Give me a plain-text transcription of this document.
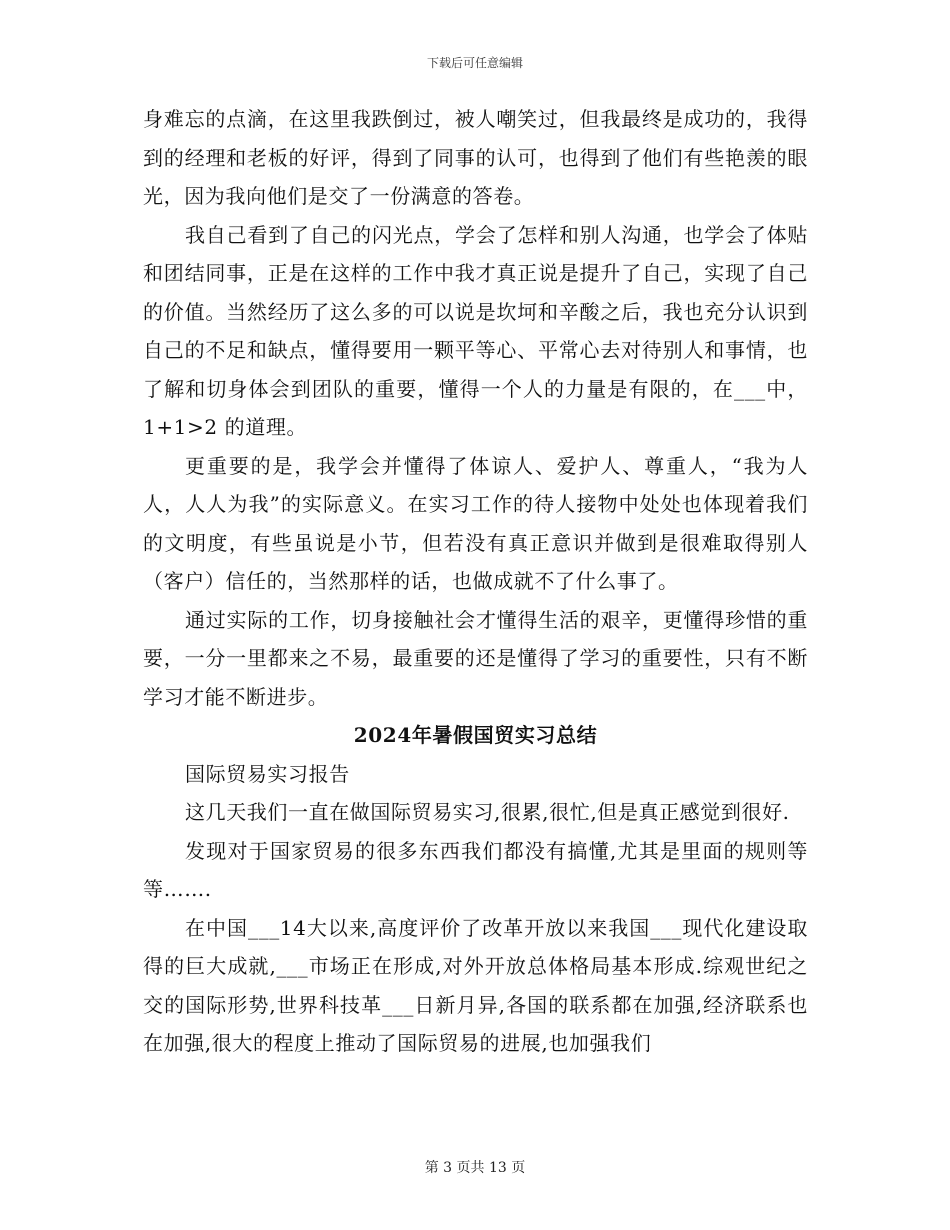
下载后可任意编辑

身难忘的点滴，在这里我跌倒过，被人嘲笑过，但我最终是成功的，我得到的经理和老板的好评，得到了同事的认可，也得到了他们有些艳羡的眼光，因为我向他们是交了一份满意的答卷。

我自己看到了自己的闪光点，学会了怎样和别人沟通，也学会了体贴和团结同事，正是在这样的工作中我才真正说是提升了自己，实现了自己的价值。当然经历了这么多的可以说是坎坷和辛酸之后，我也充分认识到自己的不足和缺点，懂得要用一颗平等心、平常心去对待别人和事情，也了解和切身体会到团队的重要，懂得一个人的力量是有限的，在___中，1+1>2 的道理。

更重要的是，我学会并懂得了体谅人、爱护人、尊重人，“我为人人，人人为我”的实际意义。在实习工作的待人接物中处处也体现着我们的文明度，有些虽说是小节，但若没有真正意识并做到是很难取得别人（客户）信任的，当然那样的话，也做成就不了什么事了。

通过实际的工作，切身接触社会才懂得生活的艰辛，更懂得珍惜的重要，一分一里都来之不易，最重要的还是懂得了学习的重要性，只有不断学习才能不断进步。

2024年暑假国贸实习总结

国际贸易实习报告

这几天我们一直在做国际贸易实习,很累,很忙,但是真正感觉到很好.

发现对于国家贸易的很多东西我们都没有搞懂,尤其是里面的规则等等…….

在中国___14大以来,高度评价了改革开放以来我国___现代化建设取得的巨大成就,___市场正在形成,对外开放总体格局基本形成.综观世纪之交的国际形势,世界科技革___日新月异,各国的联系都在加强,经济联系也在加强,很大的程度上推动了国际贸易的进展,也加强我们

第 3 页共 13 页
